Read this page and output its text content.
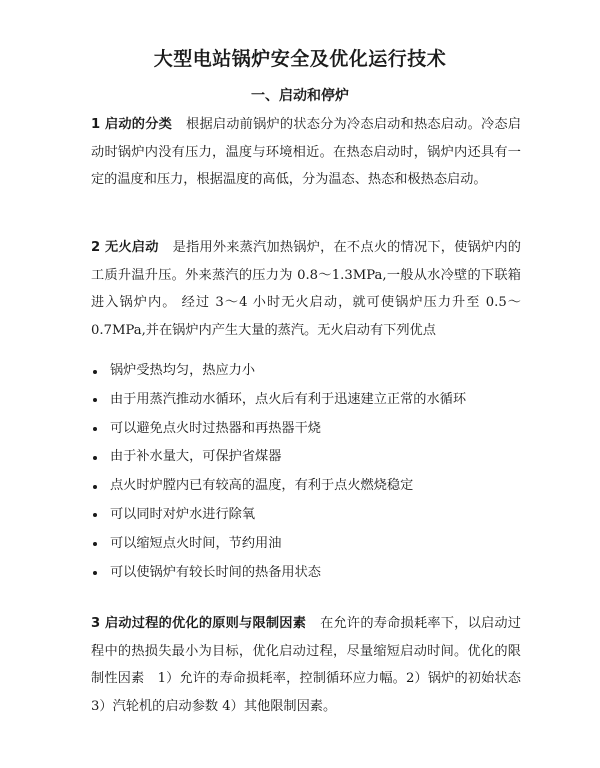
大型电站锅炉安全及优化运行技术
一、启动和停炉

1 启动的分类 根据启动前锅炉的状态分为冷态启动和热态启动。冷态启动时锅炉内没有压力，温度与环境相近。在热态启动时，锅炉内还具有一定的温度和压力，根据温度的高低，分为温态、热态和极热态启动。

2 无火启动 是指用外来蒸汽加热锅炉，在不点火的情况下，使锅炉内的工质升温升压。外来蒸汽的压力为 0.8～1.3MPa,一般从水冷壁的下联箱进入锅炉内。 经过 3～4 小时无火启动，就可使锅炉压力升至 0.5～ 0.7MPa,并在锅炉内产生大量的蒸汽。无火启动有下列优点

锅炉受热均匀，热应力小
由于用蒸汽推动水循环，点火后有利于迅速建立正常的水循环
可以避免点火时过热器和再热器干烧
由于补水量大，可保护省煤器
点火时炉膛内已有较高的温度，有利于点火燃烧稳定
可以同时对炉水进行除氧
可以缩短点火时间，节约用油
可以使锅炉有较长时间的热备用状态

3 启动过程的优化的原则与限制因素 在允许的寿命损耗率下，以启动过程中的热损失最小为目标，优化启动过程，尽量缩短启动时间。优化的限制性因素　1）允许的寿命损耗率，控制循环应力幅。2）锅炉的初始状态 3）汽轮机的启动参数 4）其他限制因素。
